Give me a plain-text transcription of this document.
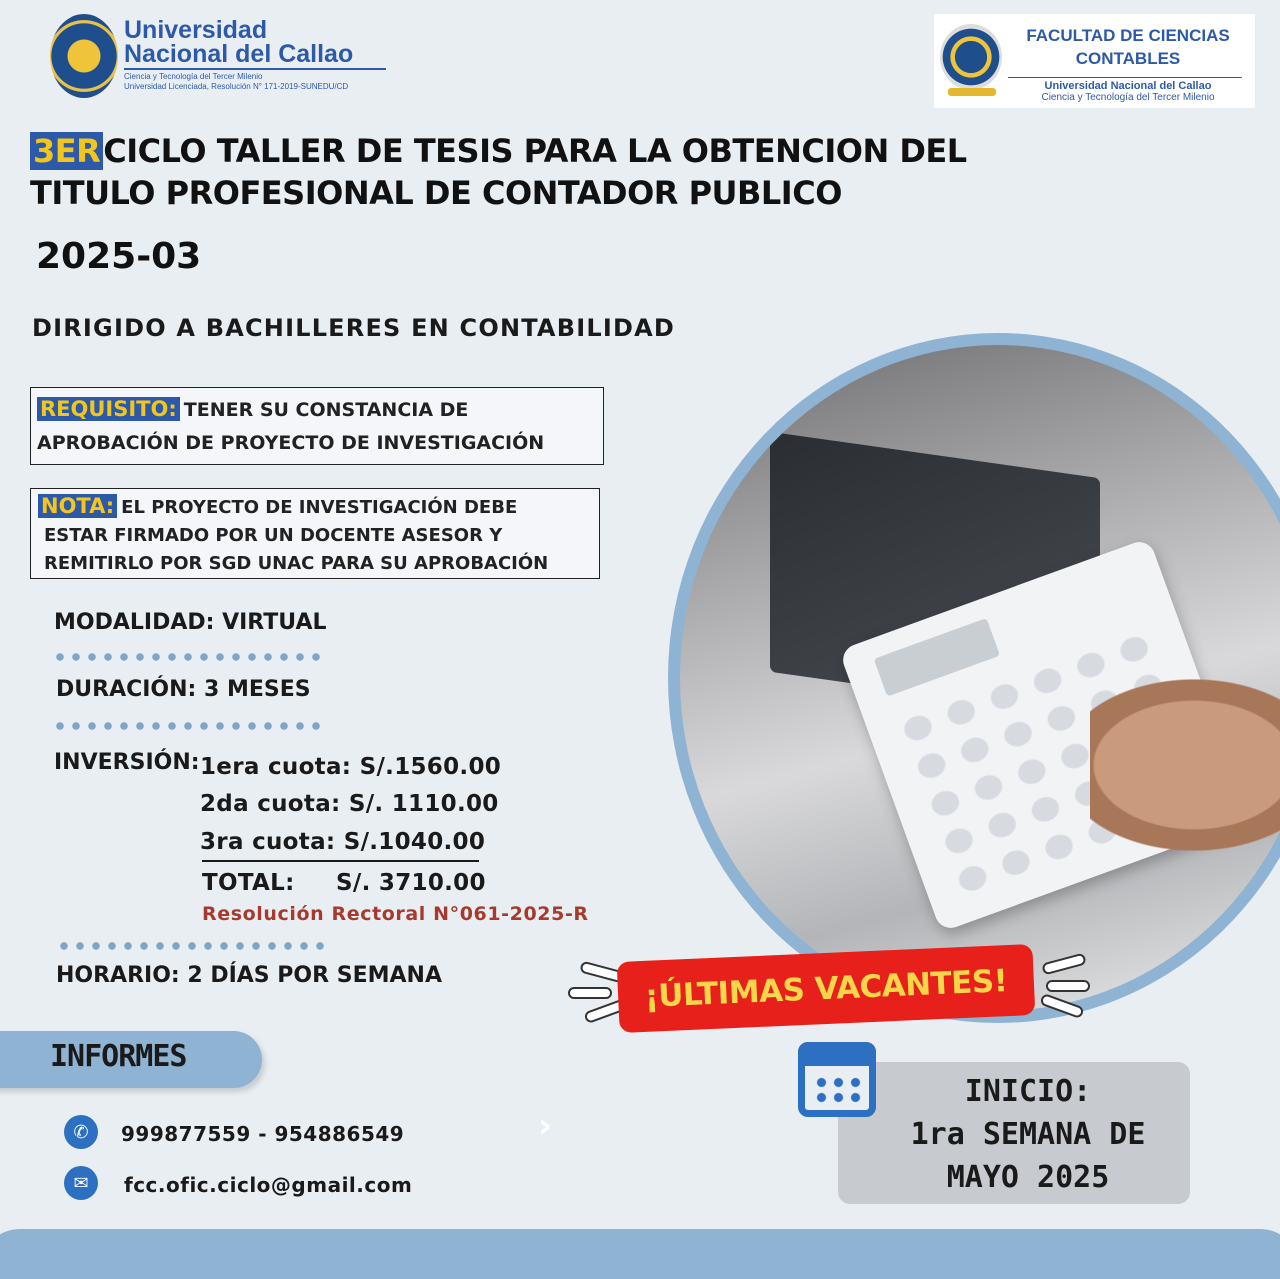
Universidad
Nacional del Callao
Ciencia y Tecnología del Tercer Milenio
Universidad Licenciada, Resolución N° 171-2019-SUNEDU/CD
FACULTAD DE CIENCIAS
CONTABLES
Universidad Nacional del Callao
Ciencia y Tecnología del Tercer Milenio
3ERCICLO TALLER DE TESIS PARA LA OBTENCION DEL
TITULO PROFESIONAL DE CONTADOR PUBLICO
2025-03
DIRIGIDO A BACHILLERES EN CONTABILIDAD
REQUISITO: TENER SU CONSTANCIA DE
APROBACIÓN DE PROYECTO DE INVESTIGACIÓN
NOTA: EL PROYECTO DE INVESTIGACIÓN DEBE
ESTAR FIRMADO POR UN DOCENTE ASESOR Y
REMITIRLO POR SGD UNAC PARA SU APROBACIÓN
MODALIDAD: VIRTUAL
DURACIÓN: 3 MESES
INVERSIÓN: 1era cuota: S/.1560.00
2da cuota: S/. 1110.00
3ra cuota: S/.1040.00
TOTAL: S/. 3710.00
Resolución Rectoral N°061-2025-R
HORARIO: 2 DÍAS POR SEMANA	¡ÚLTIMAS VACANTES!
INFORMES
✆	999877559 - 954886549
✉	fcc.ofic.ciclo@gmail.com
›
INICIO:
1ra SEMANA DE
MAYO 2025
